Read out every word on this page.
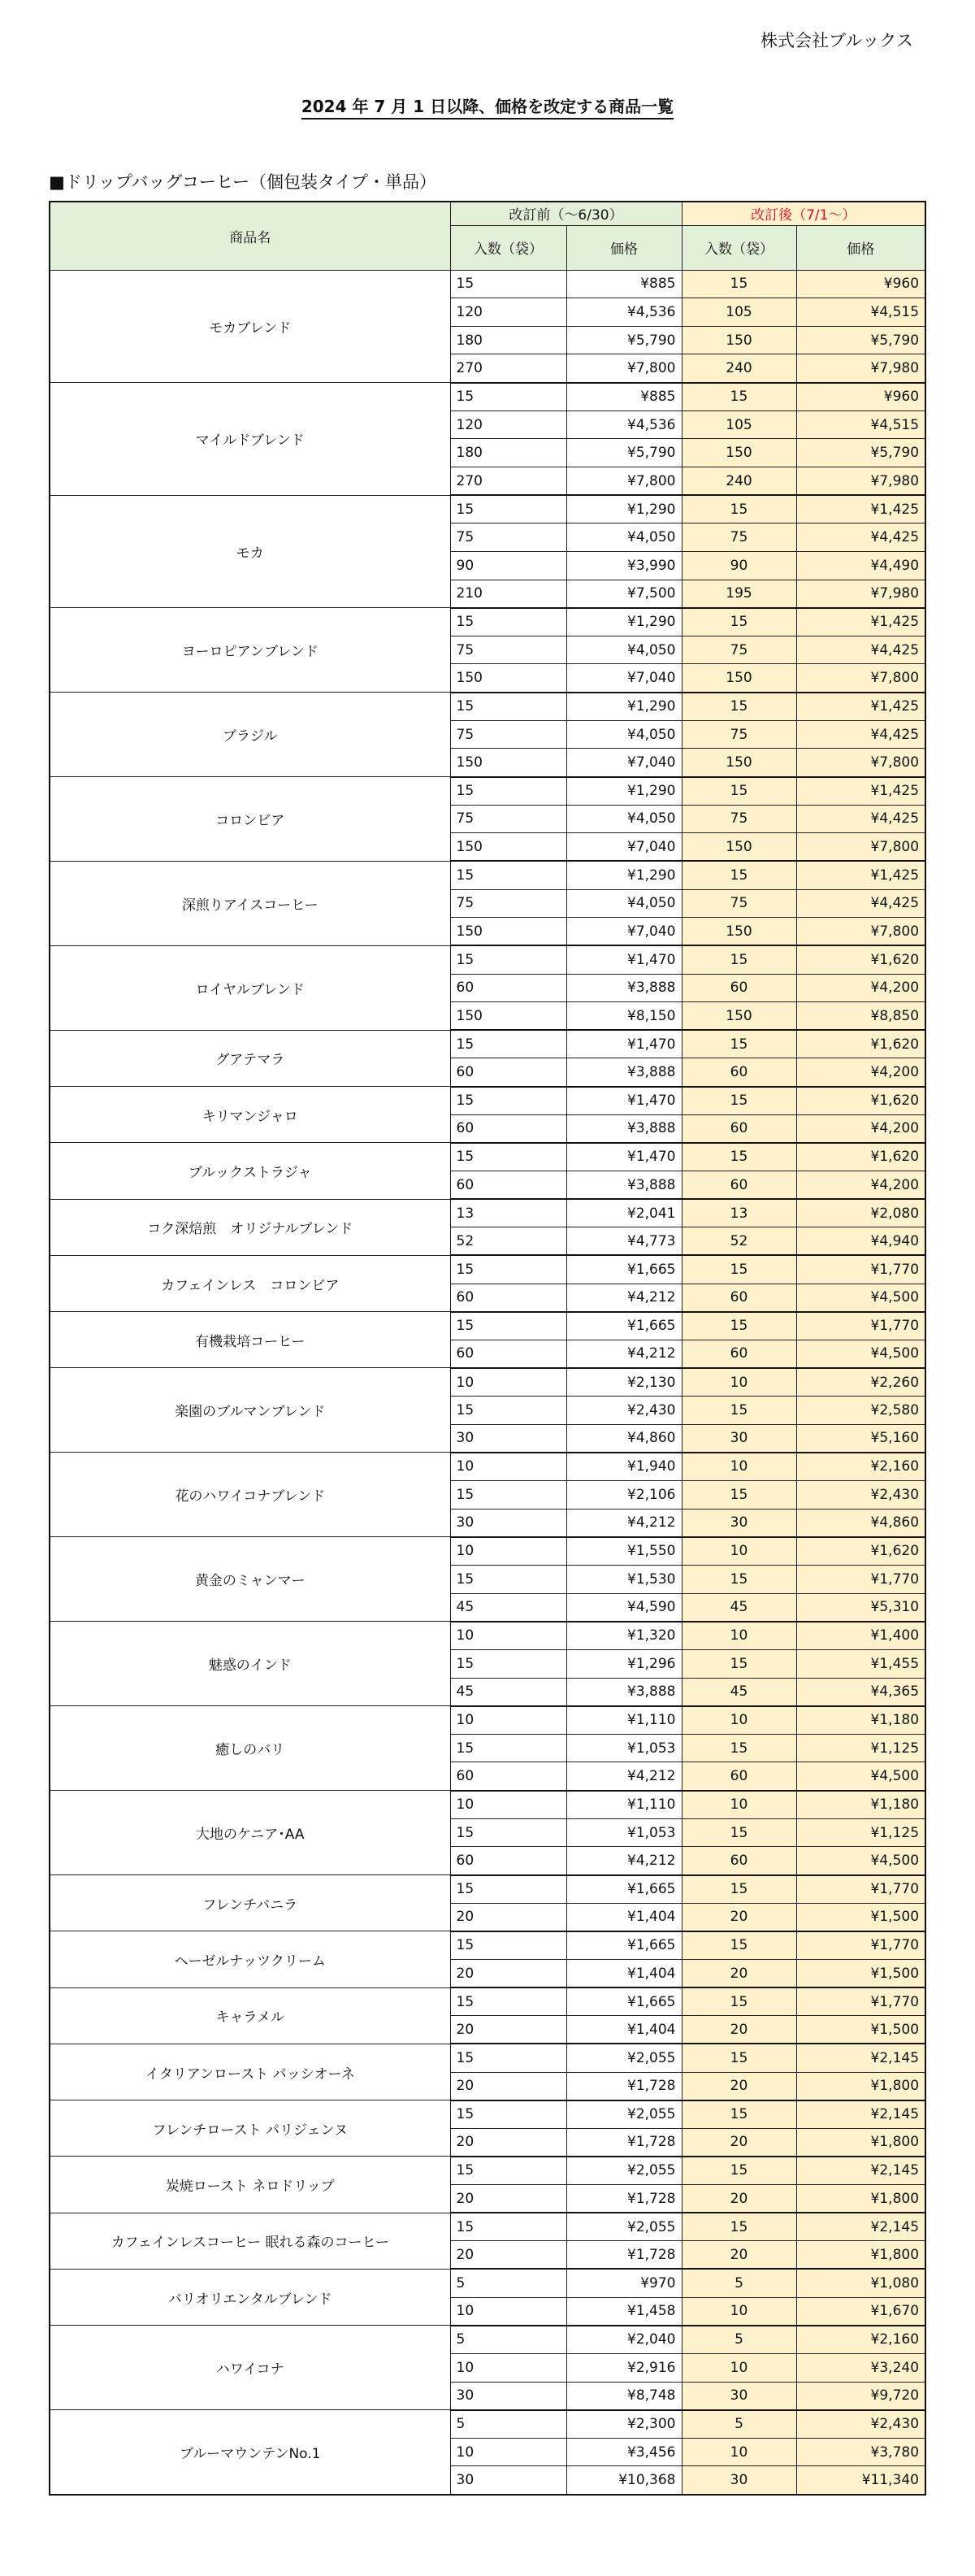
株式会社ブルックス
2024 年 7 月 1 日以降、価格を改定する商品一覧
■ドリップバッグコーヒー（個包装タイプ・単品）
商品名	改訂前（～6/30）		改訂後（7/1～）	
	入数（袋）	価格	入数（袋）	価格
モカブレンド	15	¥885	15	¥960
	120	¥4,536	105	¥4,515
	180	¥5,790	150	¥5,790
	270	¥7,800	240	¥7,980
マイルドブレンド	15	¥885	15	¥960
	120	¥4,536	105	¥4,515
	180	¥5,790	150	¥5,790
	270	¥7,800	240	¥7,980
モカ	15	¥1,290	15	¥1,425
	75	¥4,050	75	¥4,425
	90	¥3,990	90	¥4,490
	210	¥7,500	195	¥7,980
ヨーロピアンブレンド	15	¥1,290	15	¥1,425
	75	¥4,050	75	¥4,425
	150	¥7,040	150	¥7,800
ブラジル	15	¥1,290	15	¥1,425
	75	¥4,050	75	¥4,425
	150	¥7,040	150	¥7,800
コロンビア	15	¥1,290	15	¥1,425
	75	¥4,050	75	¥4,425
	150	¥7,040	150	¥7,800
深煎りアイスコーヒー	15	¥1,290	15	¥1,425
	75	¥4,050	75	¥4,425
	150	¥7,040	150	¥7,800
ロイヤルブレンド	15	¥1,470	15	¥1,620
	60	¥3,888	60	¥4,200
	150	¥8,150	150	¥8,850
グアテマラ	15	¥1,470	15	¥1,620
	60	¥3,888	60	¥4,200
キリマンジャロ	15	¥1,470	15	¥1,620
	60	¥3,888	60	¥4,200
ブルックストラジャ	15	¥1,470	15	¥1,620
	60	¥3,888	60	¥4,200
コク深焙煎　オリジナルブレンド	13	¥2,041	13	¥2,080
	52	¥4,773	52	¥4,940
カフェインレス　コロンビア	15	¥1,665	15	¥1,770
	60	¥4,212	60	¥4,500
有機栽培コーヒー	15	¥1,665	15	¥1,770
	60	¥4,212	60	¥4,500
楽園のブルマンブレンド	10	¥2,130	10	¥2,260
	15	¥2,430	15	¥2,580
	30	¥4,860	30	¥5,160
花のハワイコナブレンド	10	¥1,940	10	¥2,160
	15	¥2,106	15	¥2,430
	30	¥4,212	30	¥4,860
黄金のミャンマー	10	¥1,550	10	¥1,620
	15	¥1,530	15	¥1,770
	45	¥4,590	45	¥5,310
魅惑のインド	10	¥1,320	10	¥1,400
	15	¥1,296	15	¥1,455
	45	¥3,888	45	¥4,365
癒しのバリ	10	¥1,110	10	¥1,180
	15	¥1,053	15	¥1,125
	60	¥4,212	60	¥4,500
大地のケニア･AA	10	¥1,110	10	¥1,180
	15	¥1,053	15	¥1,125
	60	¥4,212	60	¥4,500
フレンチバニラ	15	¥1,665	15	¥1,770
	20	¥1,404	20	¥1,500
ヘーゼルナッツクリーム	15	¥1,665	15	¥1,770
	20	¥1,404	20	¥1,500
キャラメル	15	¥1,665	15	¥1,770
	20	¥1,404	20	¥1,500
イタリアンロースト パッシオーネ	15	¥2,055	15	¥2,145
	20	¥1,728	20	¥1,800
フレンチロースト パリジェンヌ	15	¥2,055	15	¥2,145
	20	¥1,728	20	¥1,800
炭焼ロースト ネロドリップ	15	¥2,055	15	¥2,145
	20	¥1,728	20	¥1,800
カフェインレスコーヒー 眠れる森のコーヒー	15	¥2,055	15	¥2,145
	20	¥1,728	20	¥1,800
バリオリエンタルブレンド	5	¥970	5	¥1,080
	10	¥1,458	10	¥1,670
ハワイコナ	5	¥2,040	5	¥2,160
	10	¥2,916	10	¥3,240
	30	¥8,748	30	¥9,720
ブルーマウンテンNo.1	5	¥2,300	5	¥2,430
	10	¥3,456	10	¥3,780
	30	¥10,368	30	¥11,340
